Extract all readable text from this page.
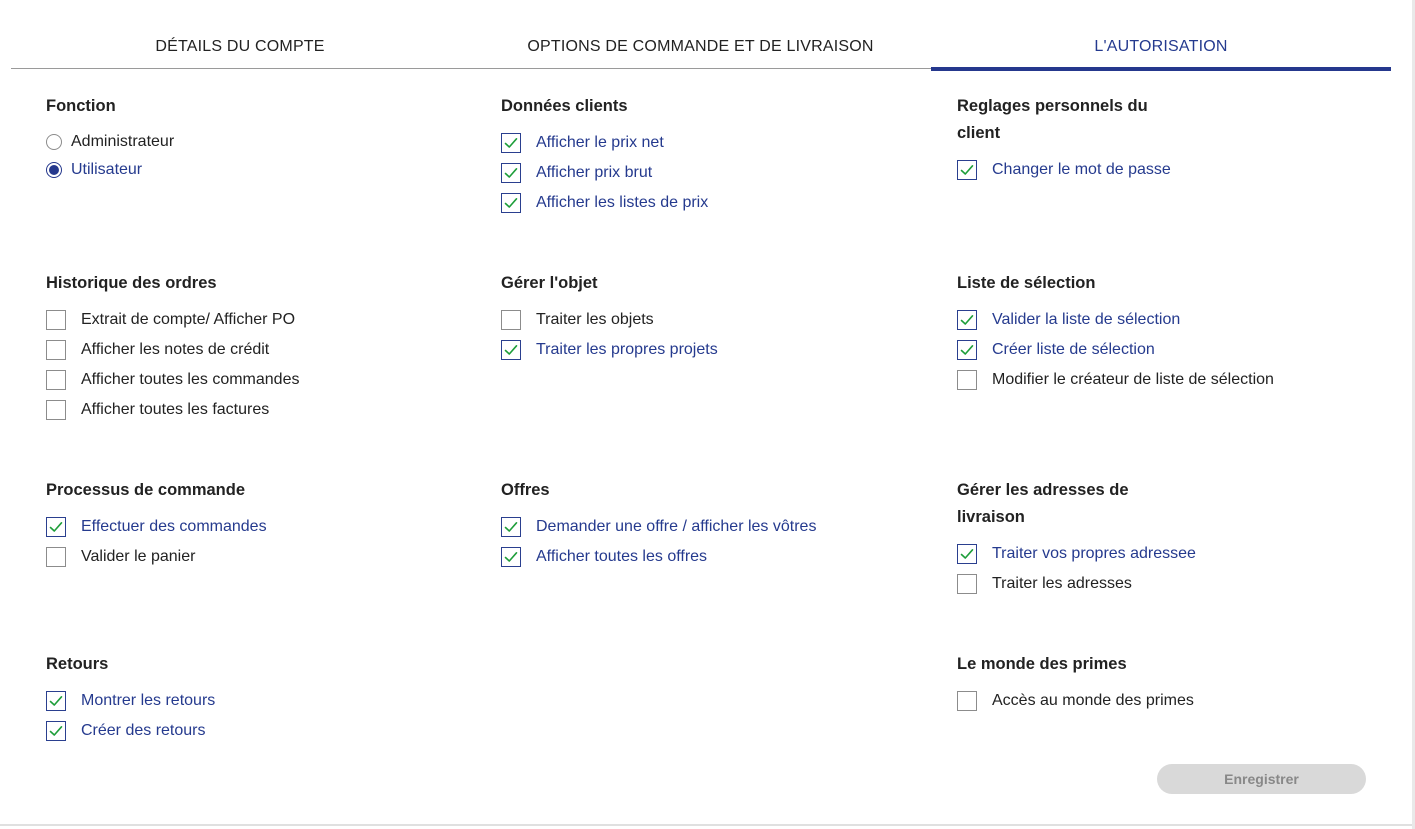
DÉTAILS DU COMPTE	OPTIONS DE COMMANDE ET DE LIVRAISON	L'AUTORISATION
Fonction
Administrateur
Utilisateur
Historique des ordres
Extrait de compte/ Afficher PO
Afficher les notes de crédit
Afficher toutes les commandes
Afficher toutes les factures
Processus de commande
Effectuer des commandes
Valider le panier
Retours
Montrer les retours
Créer des retours
Données clients
Afficher le prix net
Afficher prix brut
Afficher les listes de prix
Gérer l'objet
Traiter les objets
Traiter les propres projets
Offres
Demander une offre / afficher les vôtres
Afficher toutes les offres
Reglages personnels du client
Changer le mot de passe
Liste de sélection
Valider la liste de sélection
Créer liste de sélection
Modifier le créateur de liste de sélection
Gérer les adresses de livraison
Traiter vos propres adressee
Traiter les adresses
Le monde des primes
Accès au monde des primes
Enregistrer
